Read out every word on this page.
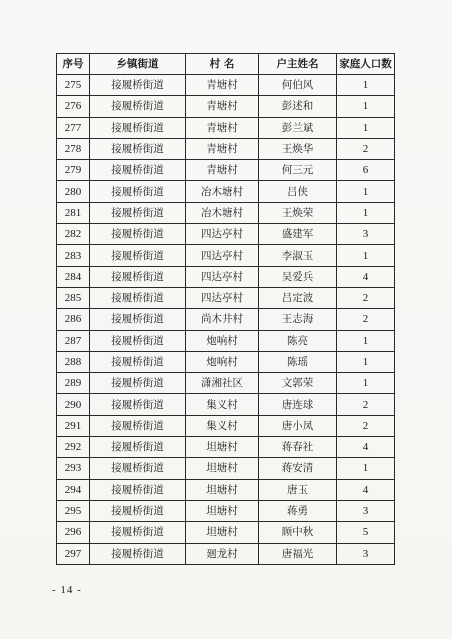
序号	乡镇街道	村 名	户主姓名	家庭人口数
275	接履桥街道	青塘村	何伯风	1
276	接履桥街道	青塘村	彭述和	1
277	接履桥街道	青塘村	彭兰斌	1
278	接履桥街道	青塘村	王焕华	2
279	接履桥街道	青塘村	何三元	6
280	接履桥街道	冶木塘村	吕侠	1
281	接履桥街道	冶木塘村	王焕荣	1
282	接履桥街道	四达亭村	盛建军	3
283	接履桥街道	四达亭村	李淑玉	1
284	接履桥街道	四达亭村	吴爱兵	4
285	接履桥街道	四达亭村	吕定波	2
286	接履桥街道	尚木井村	王志海	2
287	接履桥街道	炮响村	陈亮	1
288	接履桥街道	炮响村	陈瑶	1
289	接履桥街道	潇湘社区	文郭荣	1
290	接履桥街道	集义村	唐连球	2
291	接履桥街道	集义村	唐小凤	2
292	接履桥街道	坦塘村	蒋春社	4
293	接履桥街道	坦塘村	蒋安清	1
294	接履桥街道	坦塘村	唐玉	4
295	接履桥街道	坦塘村	蒋勇	3
296	接履桥街道	坦塘村	顾中秋	5
297	接履桥街道	廻龙村	唐福光	3
- 14 -
